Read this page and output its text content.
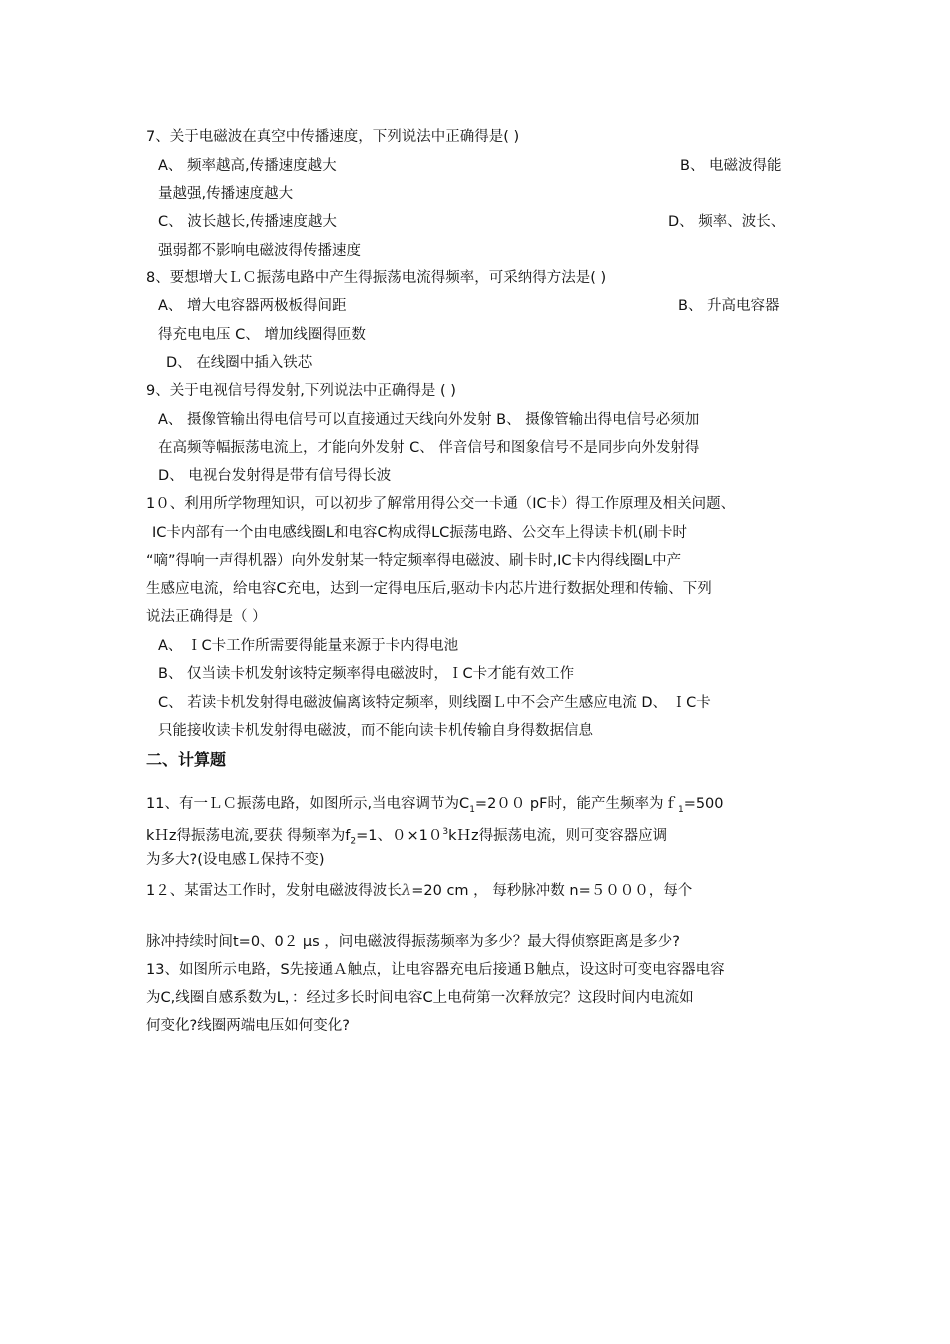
7、关于电磁波在真空中传播速度，下列说法中正确得是( )
A、 频率越高,传播速度越大	B、 电磁波得能
量越强,传播速度越大
C、 波长越长,传播速度越大	D、 频率、波长、
强弱都不影响电磁波得传播速度
8、要想增大ＬＣ振荡电路中产生得振荡电流得频率，可采纳得方法是( )
A、 增大电容器两极板得间距	B、 升高电容器
得充电电压 C、 增加线圈得匝数
D、 在线圈中插入铁芯
9、关于电视信号得发射,下列说法中正确得是 ( )
A、 摄像管输出得电信号可以直接通过天线向外发射 B、 摄像管输出得电信号必须加
在高频等幅振荡电流上，才能向外发射 C、 伴音信号和图象信号不是同步向外发射得
D、 电视台发射得是带有信号得长波
1０、利用所学物理知识，可以初步了解常用得公交一卡通（IC卡）得工作原理及相关问题、
IC卡内部有一个由电感线圈L和电容C构成得LC振荡电路、公交车上得读卡机(刷卡时
“嘀”得响一声得机器）向外发射某一特定频率得电磁波、刷卡时,IC卡内得线圈L中产
生感应电流，给电容C充电，达到一定得电压后,驱动卡内芯片进行数据处理和传输、下列
说法正确得是（ ）
A、 ＩC卡工作所需要得能量来源于卡内得电池
B、 仅当读卡机发射该特定频率得电磁波时，ＩC卡才能有效工作
C、 若读卡机发射得电磁波偏离该特定频率，则线圈Ｌ中不会产生感应电流 D、 ＩC卡
只能接收读卡机发射得电磁波，而不能向读卡机传输自身得数据信息
二、计算题
11、有一ＬＣ振荡电路，如图所示,当电容调节为$C_1=200$ pF时，能产生频率为ｆ$_1$=500
kＨz得振荡电流,要获 得频率为$f_2=1$、$0\times 10^3kHz$得振荡电流，则可变容器应调
为多大?(设电感Ｌ保持不变)
1２、某雷达工作时，发射电磁波得波长λ=20 cm ， 每秒脉冲数 n=５０００，每个
脉冲持续时间t=0、0２ μs ，问电磁波得振荡频率为多少？最大得侦察距离是多少?
13、如图所示电路，S先接通Ａ触点，让电容器充电后接通Ｂ触点，设这时可变电容器电容
为C,线圈自感系数为L，：经过多长时间电容C上电荷第一次释放完？这段时间内电流如
何变化?线圈两端电压如何变化?
